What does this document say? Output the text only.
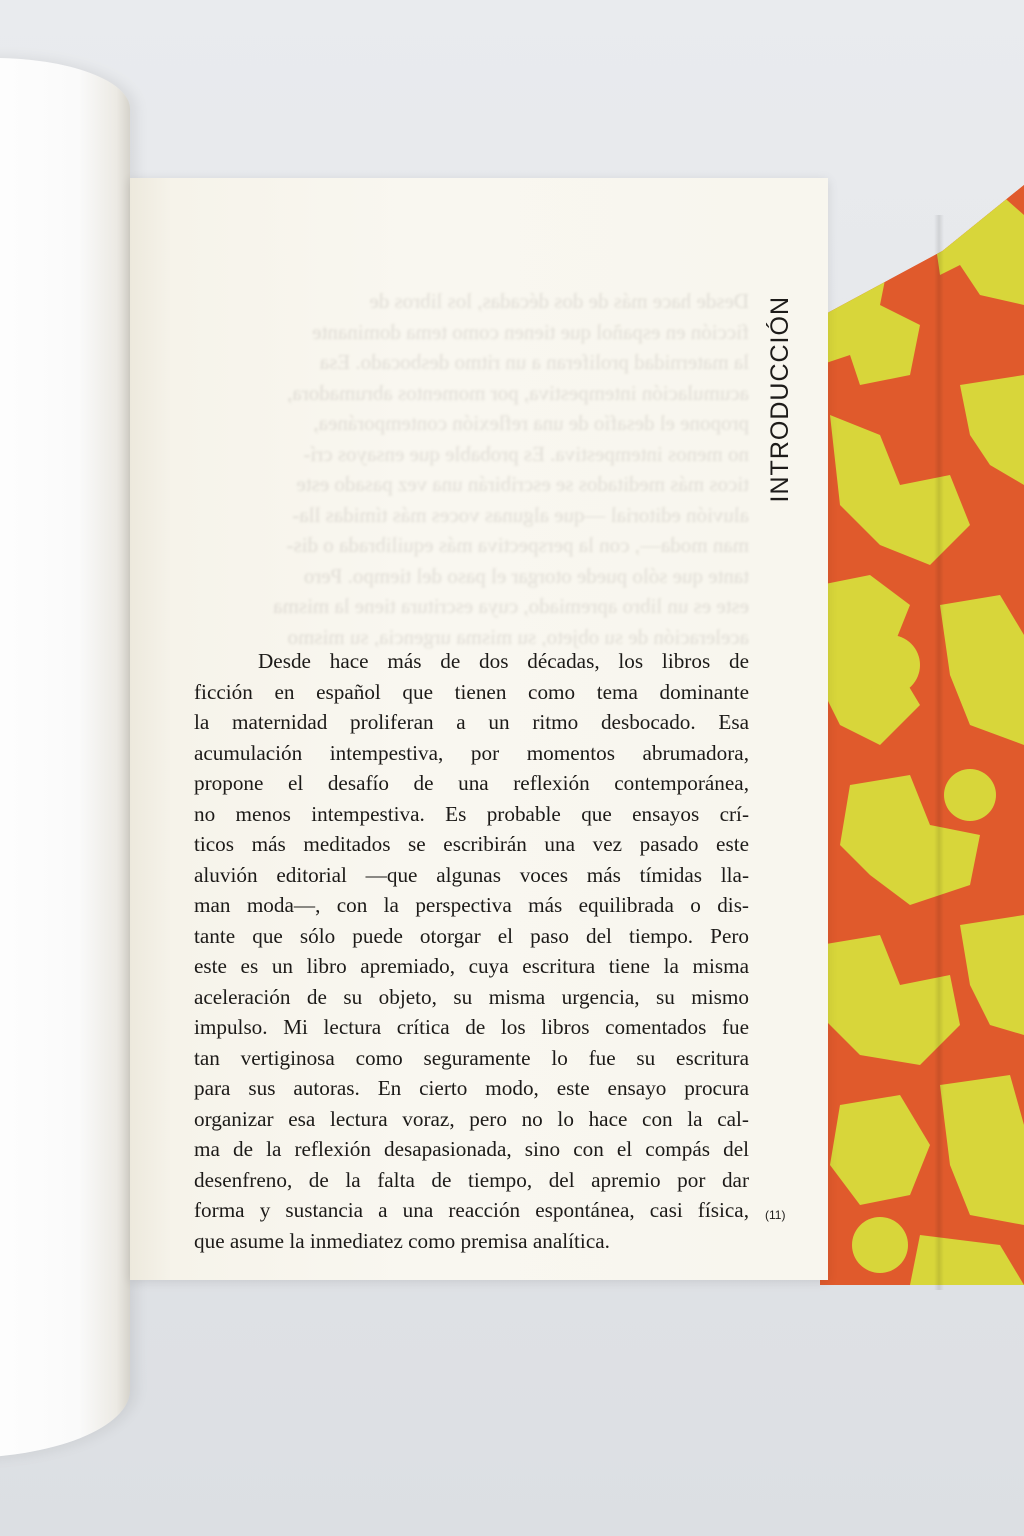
Desde hace más de dos décadas, los libros de
ficción en español que tienen como tema dominante
la maternidad proliferan a un ritmo desbocado. Esa
acumulación intempestiva, por momentos abrumadora,
propone el desafío de una reflexión contemporánea,
no menos intempestiva. Es probable que ensayos crí-
ticos más meditados se escribirán una vez pasado este
aluvión editorial —que algunas voces más tímidas lla-
man moda—, con la perspectiva más equilibrada o dis-
tante que sólo puede otorgar el paso del tiempo. Pero
este es un libro apremiado, cuya escritura tiene la misma
aceleración de su objeto, su misma urgencia, su mismo
INTRODUCCIÓN
Desde hace más de dos décadas, los libros de
ficción en español que tienen como tema dominante
la maternidad proliferan a un ritmo desbocado. Esa
acumulación intempestiva, por momentos abrumadora,
propone el desafío de una reflexión contemporánea,
no menos intempestiva. Es probable que ensayos crí-
ticos más meditados se escribirán una vez pasado este
aluvión editorial —que algunas voces más tímidas lla-
man moda—, con la perspectiva más equilibrada o dis-
tante que sólo puede otorgar el paso del tiempo. Pero
este es un libro apremiado, cuya escritura tiene la misma
aceleración de su objeto, su misma urgencia, su mismo
impulso. Mi lectura crítica de los libros comentados fue
tan vertiginosa como seguramente lo fue su escritura
para sus autoras. En cierto modo, este ensayo procura
organizar esa lectura voraz, pero no lo hace con la cal-
ma de la reflexión desapasionada, sino con el compás del
desenfreno, de la falta de tiempo, del apremio por dar
forma y sustancia a una reacción espontánea, casi física,
que asume la inmediatez como premisa analítica.
(11)
